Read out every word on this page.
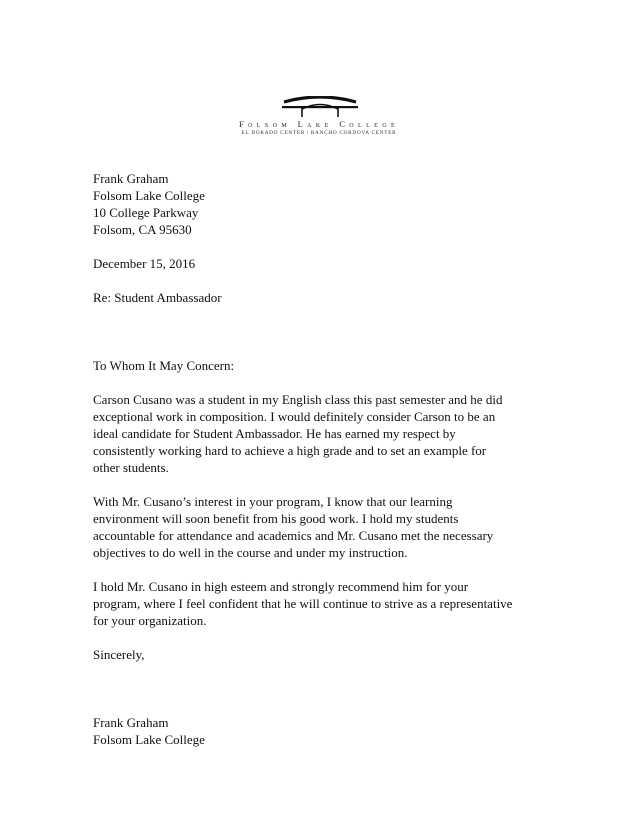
Folsom Lake College
EL DORADO CENTER | RANCHO CORDOVA CENTER
Frank Graham
Folsom Lake College
10 College Parkway
Folsom, CA 95630
December 15, 2016
Re: Student Ambassador
To Whom It May Concern:
Carson Cusano was a student in my English class this past semester and he did
exceptional work in composition. I would definitely consider Carson to be an
ideal candidate for Student Ambassador. He has earned my respect by
consistently working hard to achieve a high grade and to set an example for
other students.
With Mr. Cusano’s interest in your program, I know that our learning
environment will soon benefit from his good work. I hold my students
accountable for attendance and academics and Mr. Cusano met the necessary
objectives to do well in the course and under my instruction.
I hold Mr. Cusano in high esteem and strongly recommend him for your
program, where I feel confident that he will continue to strive as a representative
for your organization.
Sincerely,
Frank Graham
Folsom Lake College
